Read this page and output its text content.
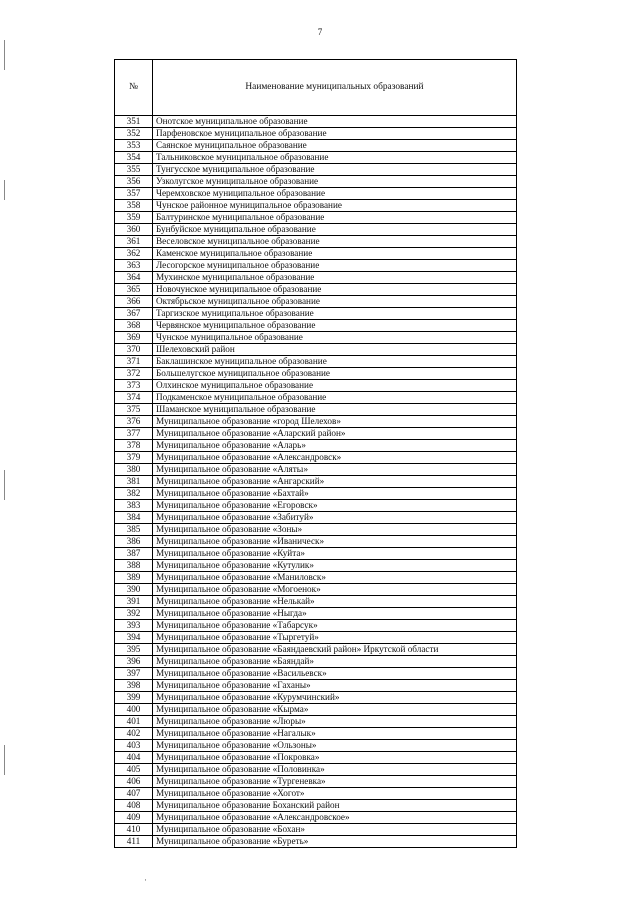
7
№	Наименование муниципальных образований
351	Онотское муниципальное образование
352	Парфеновское муниципальное образование
353	Саянское муниципальное образование
354	Тальниковское муниципальное образование
355	Тунгусское муниципальное образование
356	Узколугское муниципальное образование
357	Черемховское муниципальное образование
358	Чунское районное муниципальное образование
359	Балтуринское муниципальное образование
360	Бунбуйское муниципальное образование
361	Веселовское муниципальное образование
362	Каменское муниципальное образование
363	Лесогорское муниципальное образование
364	Мухинское муниципальное образование
365	Новочунское муниципальное образование
366	Октябрьское муниципальное образование
367	Таргизское муниципальное образование
368	Червянское муниципальное образование
369	Чунское муниципальное образование
370	Шелеховский район
371	Баклашинское муниципальное образование
372	Большелугское муниципальное образование
373	Олхинское муниципальное образование
374	Подкаменское муниципальное образование
375	Шаманское муниципальное образование
376	Муниципальное образование «город Шелехов»
377	Муниципальное образование «Аларский район»
378	Муниципальное образование «Аларь»
379	Муниципальное образование «Александровск»
380	Муниципальное образование «Алятьı»
381	Муниципальное образование «Ангарский»
382	Муниципальное образование «Бахтай»
383	Муниципальное образование «Егоровск»
384	Муниципальное образование «Забитуй»
385	Муниципальное образование «Зоны»
386	Муниципальное образование «Иваническ»
387	Муниципальное образование «Куйта»
388	Муниципальное образование «Кутулик»
389	Муниципальное образование «Маниловск»
390	Муниципальное образование «Могоенок»
391	Муниципальное образование «Нелькай»
392	Муниципальное образование «Ныгда»
393	Муниципальное образование «Табарсук»
394	Муниципальное образование «Тыргетуй»
395	Муниципальное образование «Баяндаевский район» Иркутской области
396	Муниципальное образование «Баяндай»
397	Муниципальное образование «Васильевск»
398	Муниципальное образование «Гаханы»
399	Муниципальное образование «Курумчинский»
400	Муниципальное образование «Кырма»
401	Муниципальное образование «Люры»
402	Муниципальное образование «Нагалык»
403	Муниципальное образование «Ользоны»
404	Муниципальное образование «Покровка»
405	Муниципальное образование «Половинка»
406	Муниципальное образование «Тургеневка»
407	Муниципальное образование «Хогот»
408	Муниципальное образование Боханский район
409	Муниципальное образование «Александровское»
410	Муниципальное образование «Бохан»
411	Муниципальное образование «Буреть»
·
